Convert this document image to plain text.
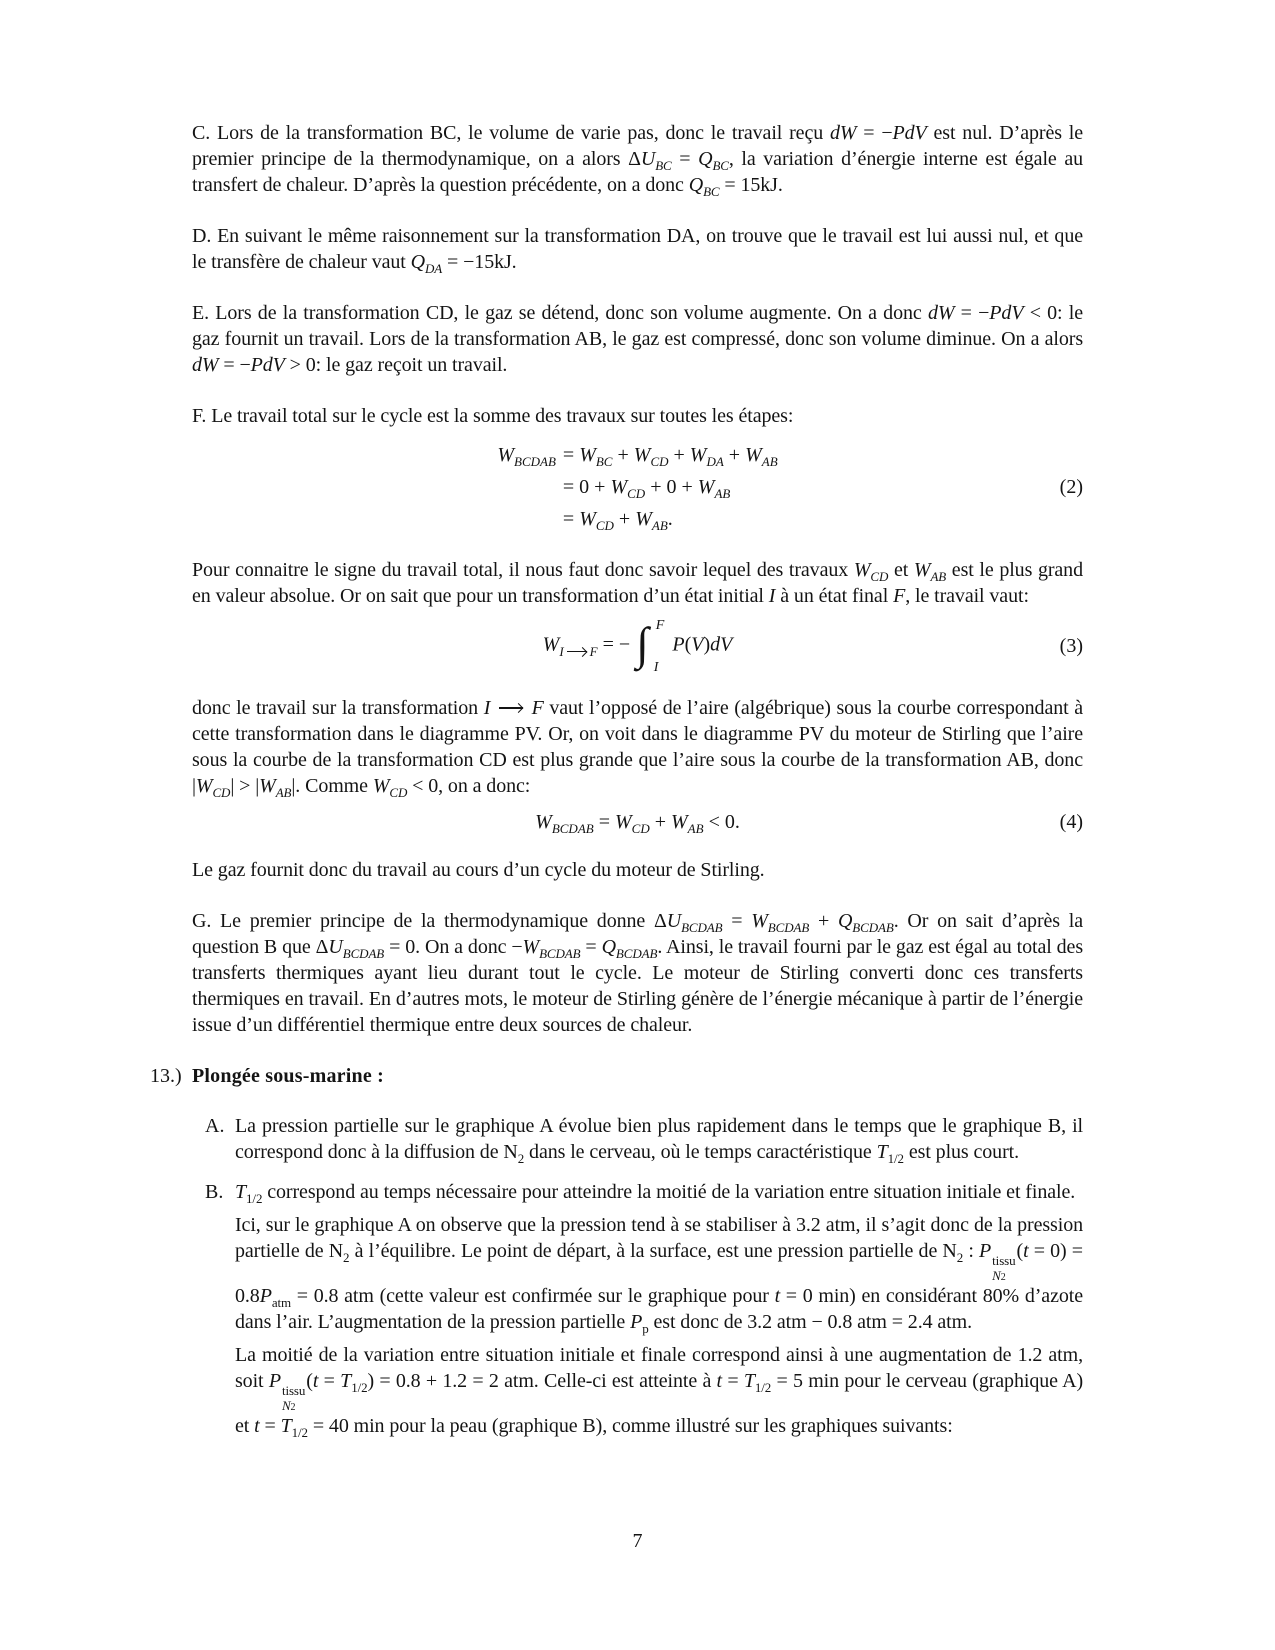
C. Lors de la transformation BC, le volume de varie pas, donc le travail reçu dW = −PdV est nul. D’après le premier principe de la thermodynamique, on a alors $\Delta U_{BC} = Q_{BC}$, la variation d’énergie interne est égale au transfert de chaleur. D’après la question précédente, on a donc $Q_{BC} = 15kJ$.

D. En suivant le même raisonnement sur la transformation DA, on trouve que le travail est lui aussi nul, et que le transfère de chaleur vaut $Q_{DA} = -15kJ$.

E. Lors de la transformation CD, le gaz se détend, donc son volume augmente. On a donc dW = −PdV < 0: le gaz fournit un travail. Lors de la transformation AB, le gaz est compressé, donc son volume diminue. On a alors dW = −PdV > 0: le gaz reçoit un travail.

F. Le travail total sur le cycle est la somme des travaux sur toutes les étapes:

$W_{BCDAB}$	= $W_{BC} + W_{CD} + W_{DA} + W_{AB}$
	= $0 + W_{CD} + 0 + W_{AB}$
	= $W_{CD} + W_{AB}$.
(2)

Pour connaitre le signe du travail total, il nous faut donc savoir lequel des travaux $W_{CD}$ et $W_{AB}$ est le plus grand en valeur absolue. Or on sait que pour un transformation d’un état initial I à un état final F, le travail vaut:

$W_{I F}$ = − ∫ F
I
P(V)dV	(3)

donc le travail sur la transformation I F vaut l’opposé de l’aire (algébrique) sous la courbe correspondant à cette transformation dans le diagramme PV. Or, on voit dans le diagramme PV du moteur de Stirling que l’aire sous la courbe de la transformation CD est plus grande que l’aire sous la courbe de la transformation AB, donc $|W_{CD}| > |W_{AB}|$. Comme $W_{CD} < 0$, on a donc:

$W_{BCDAB} = W_{CD} + W_{AB} < 0$.	(4)

Le gaz fournit donc du travail au cours d’un cycle du moteur de Stirling.

G. Le premier principe de la thermodynamique donne $\Delta U_{BCDAB} = W_{BCDAB} + Q_{BCDAB}$. Or on sait d’après la question B que $\Delta U_{BCDAB} = 0$. On a donc $-W_{BCDAB} = Q_{BCDAB}$. Ainsi, le travail fourni par le gaz est égal au total des transferts thermiques ayant lieu durant tout le cycle. Le moteur de Stirling converti donc ces transferts thermiques en travail. En d’autres mots, le moteur de Stirling génère de l’énergie mécanique à partir de l’énergie issue d’un différentiel thermique entre deux sources de chaleur.

13.) Plongée sous-marine :
A. La pression partielle sur le graphique A évolue bien plus rapidement dans le temps que le graphique B, il correspond donc à la diffusion de $N_2$ dans le cerveau, où le temps caractéristique $T_{1/2}$ est plus court.

B. $T_{1/2}$ correspond au temps nécessaire pour atteindre la moitié de la variation entre situation initiale et finale.

Ici, sur le graphique A on observe que la pression tend à se stabiliser à 3.2 atm, il s’agit donc de la pression partielle de $N_2$ à l’équilibre. Le point de départ, à la surface, est une pression partielle de $N_2$ : P tissu
N2
$(t = 0) = 0.8P_{atm} = 0.8$ atm (cette valeur est confirmée sur le graphique pour t = 0 min) en considérant 80% d’azote dans l’air. L’augmentation de la pression partielle $P_p$ est donc de 3.2 atm − 0.8 atm = 2.4 atm.

La moitié de la variation entre situation initiale et finale correspond ainsi à une augmentation de 1.2 atm, soit P tissu
N2
$(t = T_{1/2}) = 0.8 + 1.2 = 2$ atm. Celle-ci est atteinte à $t = T_{1/2} = 5$ min pour le cerveau (graphique A) et $t = T_{1/2} = 40$ min pour la peau (graphique B), comme illustré sur les graphiques suivants:

7
